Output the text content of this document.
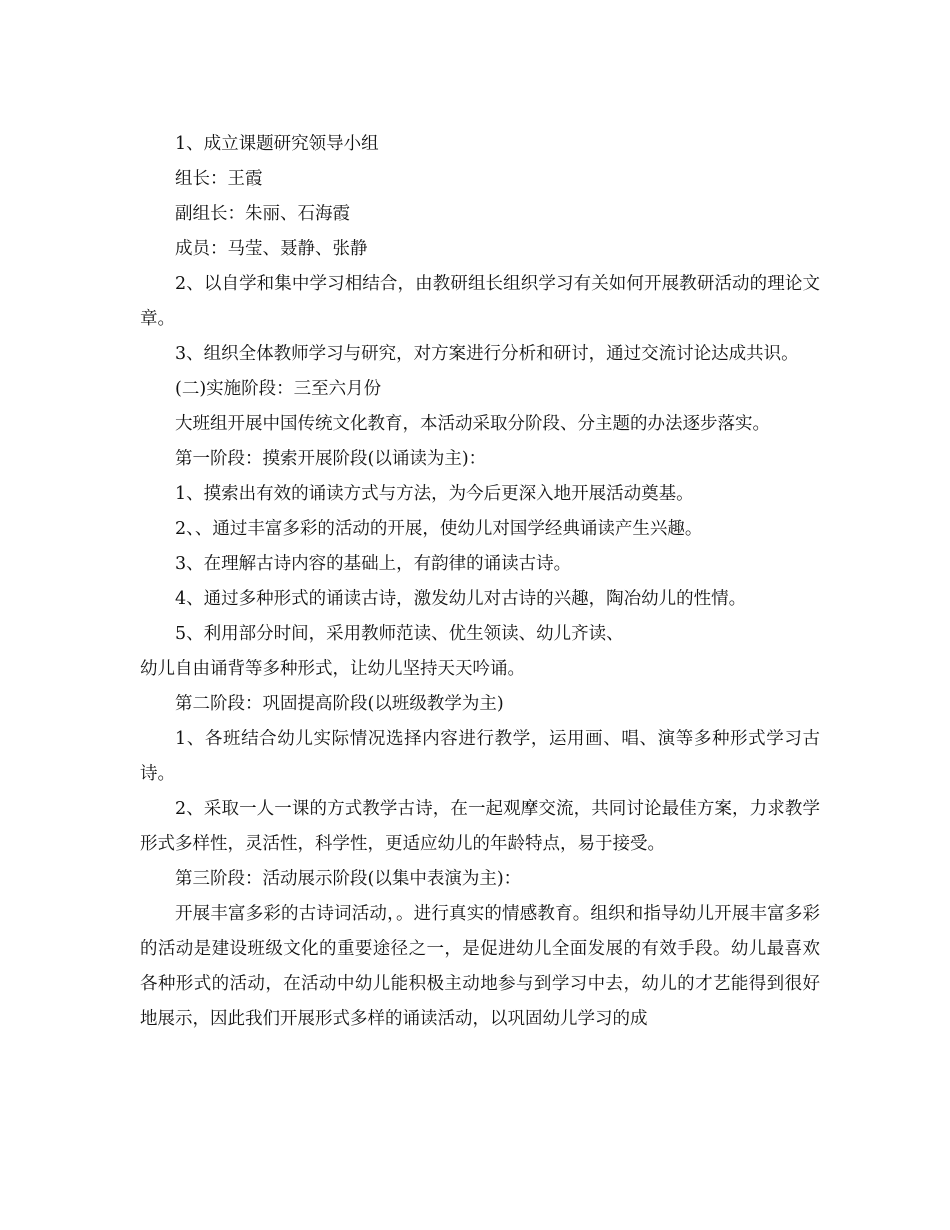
1、成立课题研究领导小组

组长：王霞

副组长：朱丽、石海霞

成员：马莹、聂静、张静

2、以自学和集中学习相结合，由教研组长组织学习有关如何开展教研活动的理论文章。

3、组织全体教师学习与研究，对方案进行分析和研讨，通过交流讨论达成共识。

(二)实施阶段：三至六月份

大班组开展中国传统文化教育，本活动采取分阶段、分主题的办法逐步落实。

第一阶段：摸索开展阶段(以诵读为主)：

1、摸索出有效的诵读方式与方法，为今后更深入地开展活动奠基。

2、、通过丰富多彩的活动的开展，使幼儿对国学经典诵读产生兴趣。

3、在理解古诗内容的基础上，有韵律的诵读古诗。

4、通过多种形式的诵读古诗，激发幼儿对古诗的兴趣，陶冶幼儿的性情。

5、利用部分时间，采用教师范读、优生领读、幼儿齐读、

幼儿自由诵背等多种形式，让幼儿坚持天天吟诵。

第二阶段：巩固提高阶段(以班级教学为主)

1、各班结合幼儿实际情况选择内容进行教学，运用画、唱、演等多种形式学习古诗。

2、采取一人一课的方式教学古诗，在一起观摩交流，共同讨论最佳方案，力求教学形式多样性，灵活性，科学性，更适应幼儿的年龄特点，易于接受。

第三阶段：活动展示阶段(以集中表演为主)：

开展丰富多彩的古诗词活动，。进行真实的情感教育。组织和指导幼儿开展丰富多彩的活动是建设班级文化的重要途径之一，是促进幼儿全面发展的有效手段。幼儿最喜欢各种形式的活动，在活动中幼儿能积极主动地参与到学习中去，幼儿的才艺能得到很好地展示，因此我们开展形式多样的诵读活动，以巩固幼儿学习的成
